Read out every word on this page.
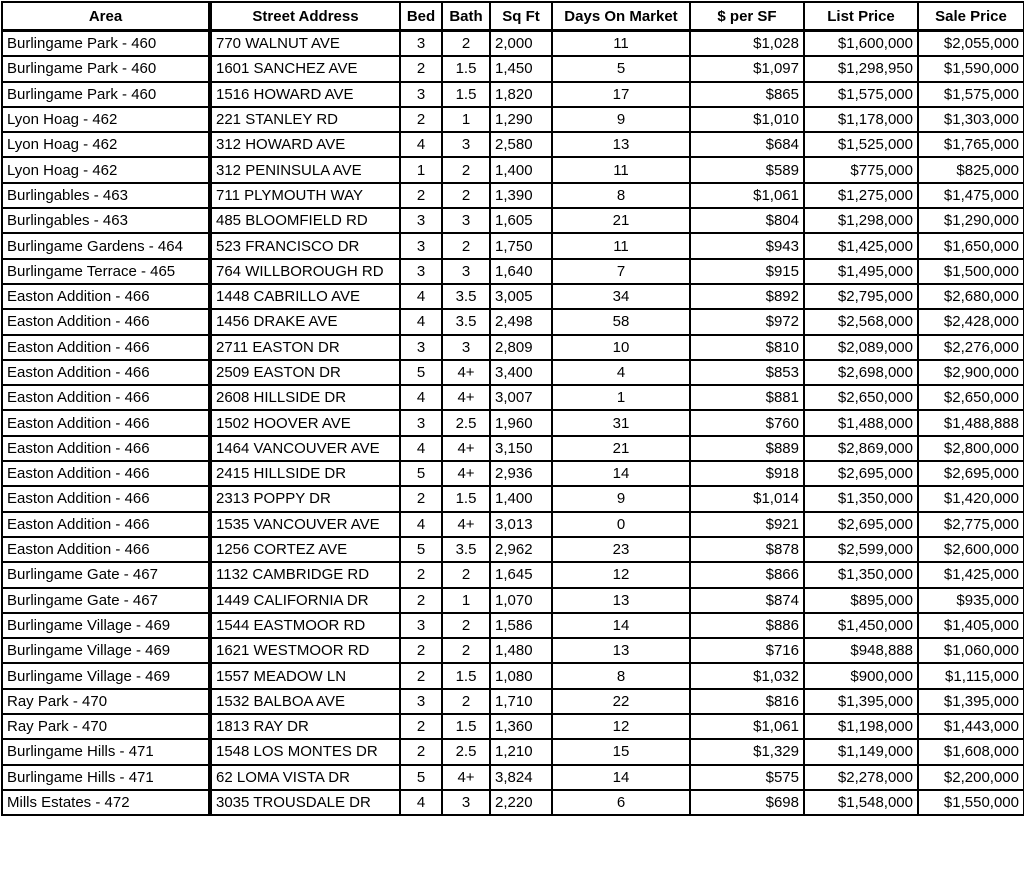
Area	Street Address	Bed	Bath	Sq Ft	Days On Market	$ per SF	List Price	Sale Price
Burlingame Park - 460	770 WALNUT AVE	3	2	2,000	11	$1,028	$1,600,000	$2,055,000
Burlingame Park - 460	1601 SANCHEZ AVE	2	1.5	1,450	5	$1,097	$1,298,950	$1,590,000
Burlingame Park - 460	1516 HOWARD AVE	3	1.5	1,820	17	$865	$1,575,000	$1,575,000
Lyon Hoag - 462	221 STANLEY RD	2	1	1,290	9	$1,010	$1,178,000	$1,303,000
Lyon Hoag - 462	312 HOWARD AVE	4	3	2,580	13	$684	$1,525,000	$1,765,000
Lyon Hoag - 462	312 PENINSULA AVE	1	2	1,400	11	$589	$775,000	$825,000
Burlingables - 463	711 PLYMOUTH WAY	2	2	1,390	8	$1,061	$1,275,000	$1,475,000
Burlingables - 463	485 BLOOMFIELD RD	3	3	1,605	21	$804	$1,298,000	$1,290,000
Burlingame Gardens - 464	523 FRANCISCO DR	3	2	1,750	11	$943	$1,425,000	$1,650,000
Burlingame Terrace - 465	764 WILLBOROUGH RD	3	3	1,640	7	$915	$1,495,000	$1,500,000
Easton Addition - 466	1448 CABRILLO AVE	4	3.5	3,005	34	$892	$2,795,000	$2,680,000
Easton Addition - 466	1456 DRAKE AVE	4	3.5	2,498	58	$972	$2,568,000	$2,428,000
Easton Addition - 466	2711 EASTON DR	3	3	2,809	10	$810	$2,089,000	$2,276,000
Easton Addition - 466	2509 EASTON DR	5	4+	3,400	4	$853	$2,698,000	$2,900,000
Easton Addition - 466	2608 HILLSIDE DR	4	4+	3,007	1	$881	$2,650,000	$2,650,000
Easton Addition - 466	1502 HOOVER AVE	3	2.5	1,960	31	$760	$1,488,000	$1,488,888
Easton Addition - 466	1464 VANCOUVER AVE	4	4+	3,150	21	$889	$2,869,000	$2,800,000
Easton Addition - 466	2415 HILLSIDE DR	5	4+	2,936	14	$918	$2,695,000	$2,695,000
Easton Addition - 466	2313 POPPY DR	2	1.5	1,400	9	$1,014	$1,350,000	$1,420,000
Easton Addition - 466	1535 VANCOUVER AVE	4	4+	3,013	0	$921	$2,695,000	$2,775,000
Easton Addition - 466	1256 CORTEZ AVE	5	3.5	2,962	23	$878	$2,599,000	$2,600,000
Burlingame Gate - 467	1132 CAMBRIDGE RD	2	2	1,645	12	$866	$1,350,000	$1,425,000
Burlingame Gate - 467	1449 CALIFORNIA DR	2	1	1,070	13	$874	$895,000	$935,000
Burlingame Village - 469	1544 EASTMOOR RD	3	2	1,586	14	$886	$1,450,000	$1,405,000
Burlingame Village - 469	1621 WESTMOOR RD	2	2	1,480	13	$716	$948,888	$1,060,000
Burlingame Village - 469	1557 MEADOW LN	2	1.5	1,080	8	$1,032	$900,000	$1,115,000
Ray Park - 470	1532 BALBOA AVE	3	2	1,710	22	$816	$1,395,000	$1,395,000
Ray Park - 470	1813 RAY DR	2	1.5	1,360	12	$1,061	$1,198,000	$1,443,000
Burlingame Hills - 471	1548 LOS MONTES DR	2	2.5	1,210	15	$1,329	$1,149,000	$1,608,000
Burlingame Hills - 471	62 LOMA VISTA DR	5	4+	3,824	14	$575	$2,278,000	$2,200,000
Mills Estates - 472	3035 TROUSDALE DR	4	3	2,220	6	$698	$1,548,000	$1,550,000
